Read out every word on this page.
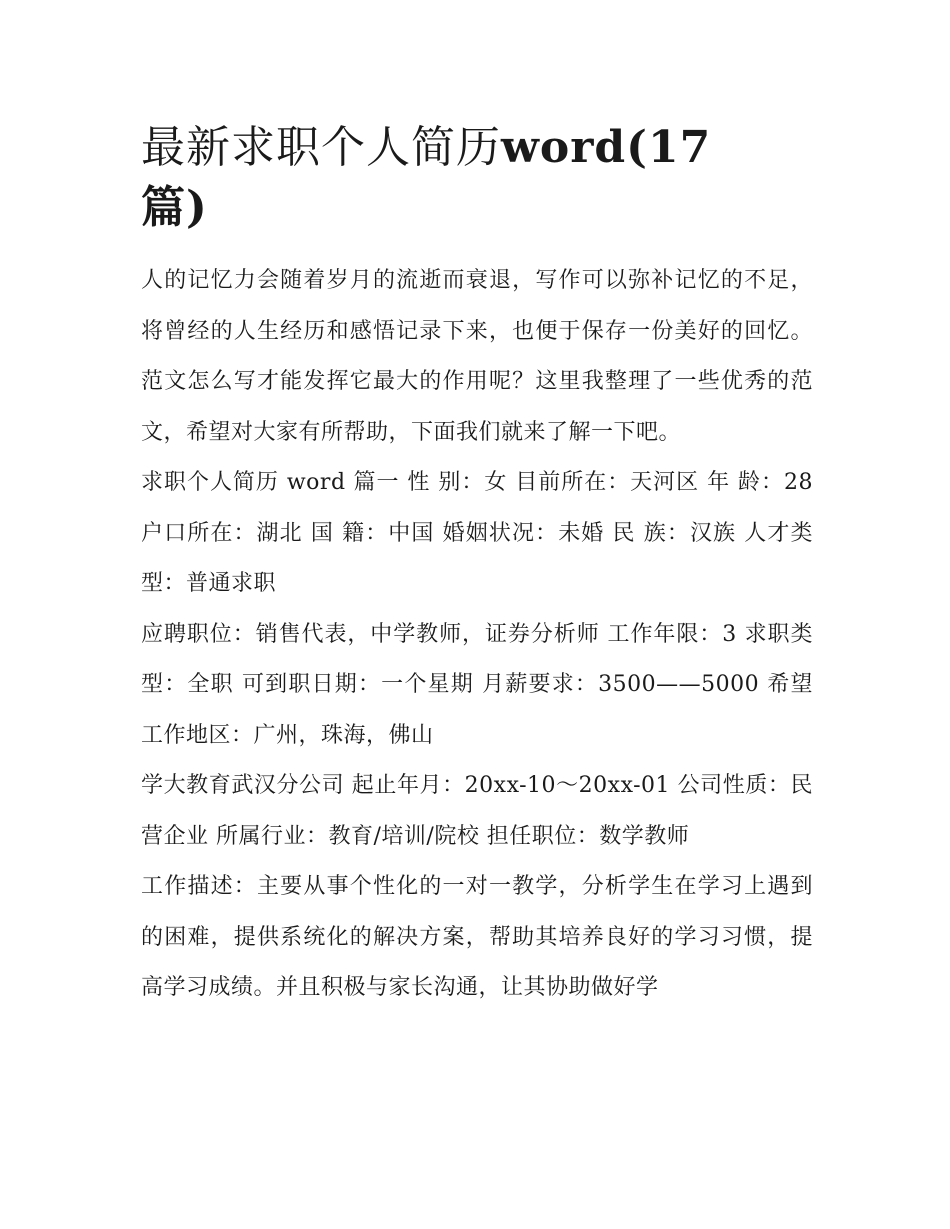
最新求职个人简历word(17
篇)

人的记忆力会随着岁月的流逝而衰退，写作可以弥补记忆的不足，将曾经的人生经历和感悟记录下来，也便于保存一份美好的回忆。范文怎么写才能发挥它最大的作用呢？这里我整理了一些优秀的范文，希望对大家有所帮助，下面我们就来了解一下吧。

求职个人简历 word 篇一 性 别：女 目前所在：天河区 年 龄：28 户口所在：湖北 国 籍：中国 婚姻状况：未婚 民 族：汉族 人才类型：普通求职

应聘职位：销售代表，中学教师，证券分析师 工作年限：3 求职类型：全职 可到职日期：一个星期 月薪要求：3500——5000 希望工作地区：广州，珠海，佛山

学大教育武汉分公司 起止年月：20xx-10～20xx-01 公司性质：民营企业 所属行业：教育/培训/院校 担任职位：数学教师

工作描述：主要从事个性化的一对一教学，分析学生在学习上遇到的困难，提供系统化的解决方案，帮助其培养良好的学习习惯，提高学习成绩。并且积极与家长沟通，让其协助做好学
